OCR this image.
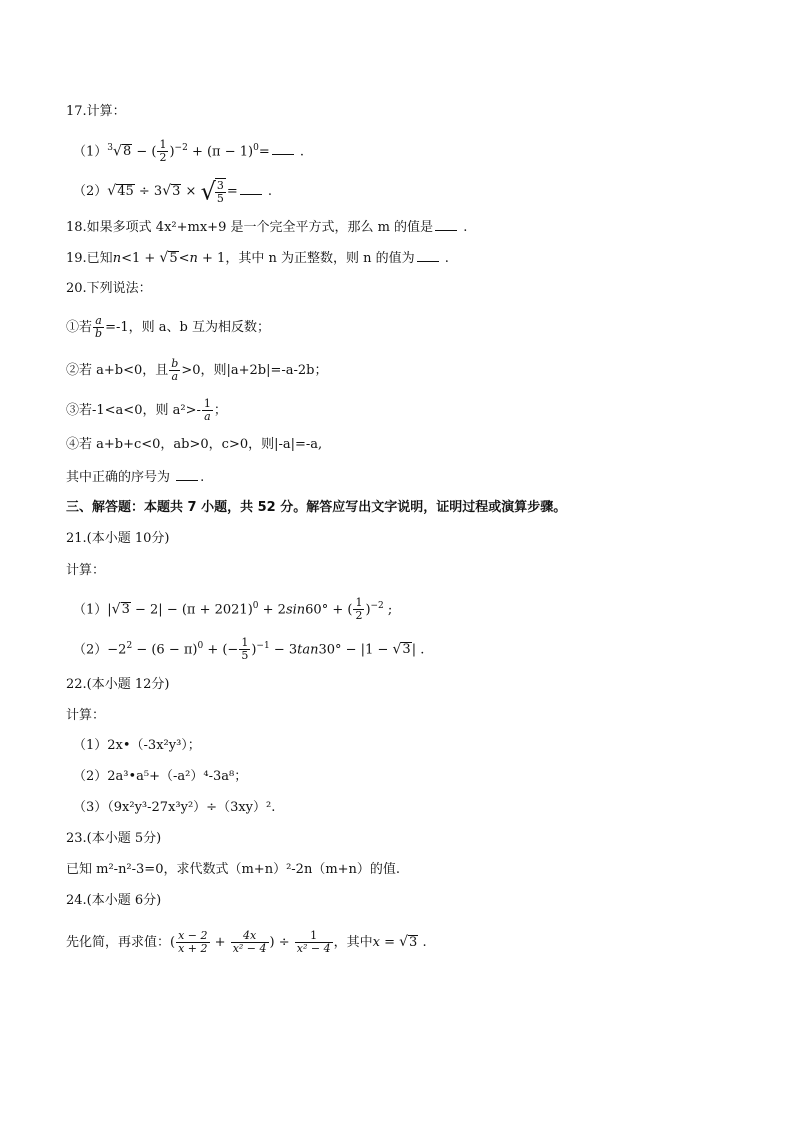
17.计算：
$(1)^3√8$ − ( $\frac{1}{2} )^{-2} + (\pi - 1)^0=$ .
（2）√45 ÷ 3√3 × √ $\frac{3}{5}$ = .
18.如果多项式 4x²+mx+9 是一个完全平方式，那么 m 的值是 .
19.已知n<1 + √5<n + 1，其中 n 为正整数，则 n 的值为 .
20.下列说法：
①若 $\frac{a}{b} =-1$，则 a、b 互为相反数；
②若 a+b<0，且 $\frac{b}{a} >0$，则|a+2b|=-a-2b；
③若-1<a<0，则 $a^2>- \frac{1}{a}$ ；
④若 a+b+c<0，ab>0，c>0，则|-a|=-a,
其中正确的序号为 .
三、解答题：本题共 7 小题，共 52 分。解答应写出文字说明，证明过程或演算步骤。
21.(本小题 10分)
计算：
$(1)|√3 - 2| - (\pi + 2021)^0 + 2\sin 60^\circ$ + ( $\frac{1}{2} )^{-2}$ ;
$(2)-2^2 - (6 - \pi)^0$ + (− $\frac{1}{5} )^{-1} - 3\tan 30^\circ - |1 - √3|$ .
22.(本小题 12分)
计算：
（1）2x•（-3x²y³）；
（2）2a³•a⁵+（-a²）⁴-3a⁸；
（3）（9x²y³-27x³y²）÷（3xy）².
23.(本小题 5分)
已知 m²-n²-3=0，求代数式（m+n）²-2n（m+n）的值.
24.(本小题 6分)
先化简，再求值：( $\frac{x - 2}{x + 2} + \frac{4x}{\text{x² − 4}}$ ) ÷ $\frac{1}{\text{x² − 4}}$ ，其中x = √3 .
